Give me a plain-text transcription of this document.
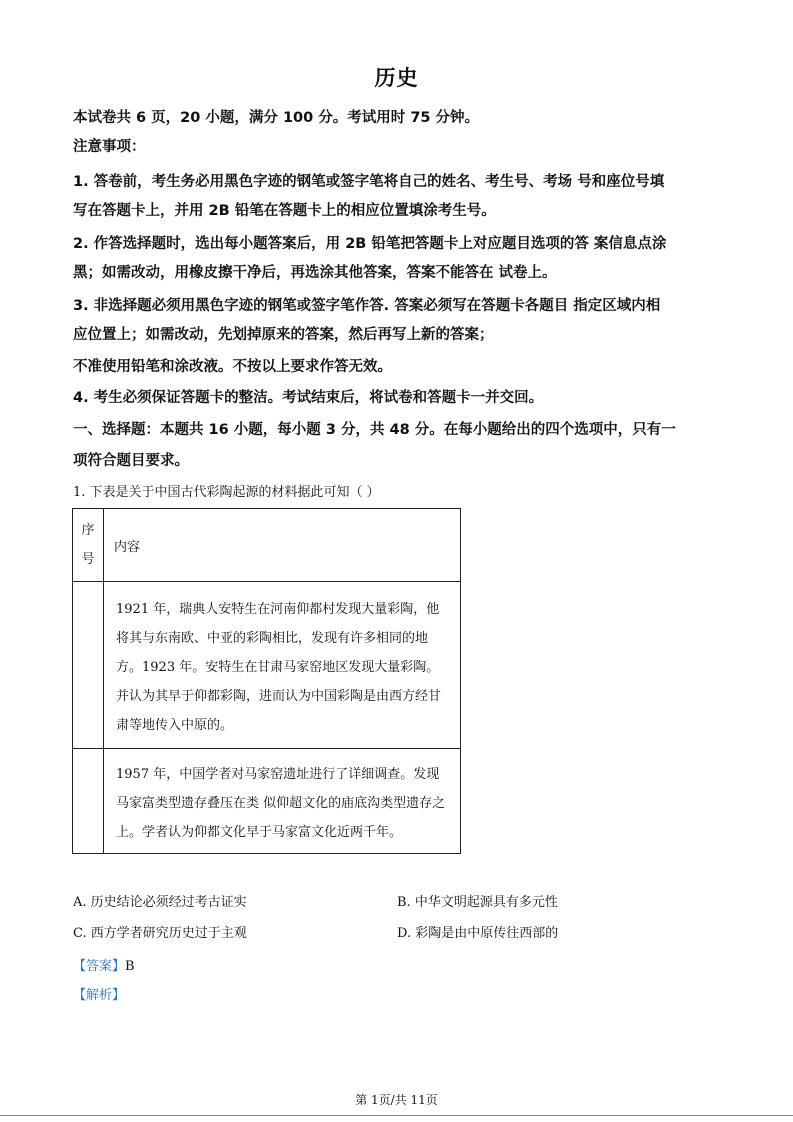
历史
本试卷共 6 页，20 小题，满分 100 分。考试用时 75 分钟。
注意事项：
1. 答卷前，考生务必用黑色字迹的钢笔或签字笔将自己的姓名、考生号、考场 号和座位号填
写在答题卡上，并用 2B 铅笔在答题卡上的相应位置填涂考生号。
2. 作答选择题时，选出每小题答案后，用 2B 铅笔把答题卡上对应题目选项的答 案信息点涂
黑；如需改动，用橡皮擦干净后，再选涂其他答案，答案不能答在 试卷上。
3. 非选择题必须用黑色字迹的钢笔或签字笔作答. 答案必须写在答题卡各题目 指定区域内相
应位置上；如需改动，先划掉原来的答案，然后再写上新的答案；
不准使用铅笔和涂改液。不按以上要求作答无效。
4. 考生必须保证答题卡的整洁。考试结束后，将试卷和答题卡一并交回。
一、选择题：本题共 16 小题，每小题 3 分，共 48 分。在每小题给出的四个选项中，只有一
项符合题目要求。
1. 下表是关于中国古代彩陶起源的材料据此可知（ ）
序
号	内容
	1921 年，瑞典人安特生在河南仰都村发现大量彩陶，他将其与东南欧、中亚的彩陶相比，发现有许多相同的地方。1923 年。安特生在甘肃马家窑地区发现大量彩陶。并认为其早于仰都彩陶，进而认为中国彩陶是由西方经甘肃等地传入中原的。
	1957 年，中国学者对马家窑遗址进行了详细调查。发现马家富类型遗存叠压在类 似仰超文化的庙底沟类型遗存之上。学者认为仰都文化早于马家富文化近两千年。
A. 历史结论必须经过考古证实	B. 中华文明起源具有多元性
C. 西方学者研究历史过于主观	D. 彩陶是由中原传往西部的
【答案】B
【解析】
第 1页/共 11页
